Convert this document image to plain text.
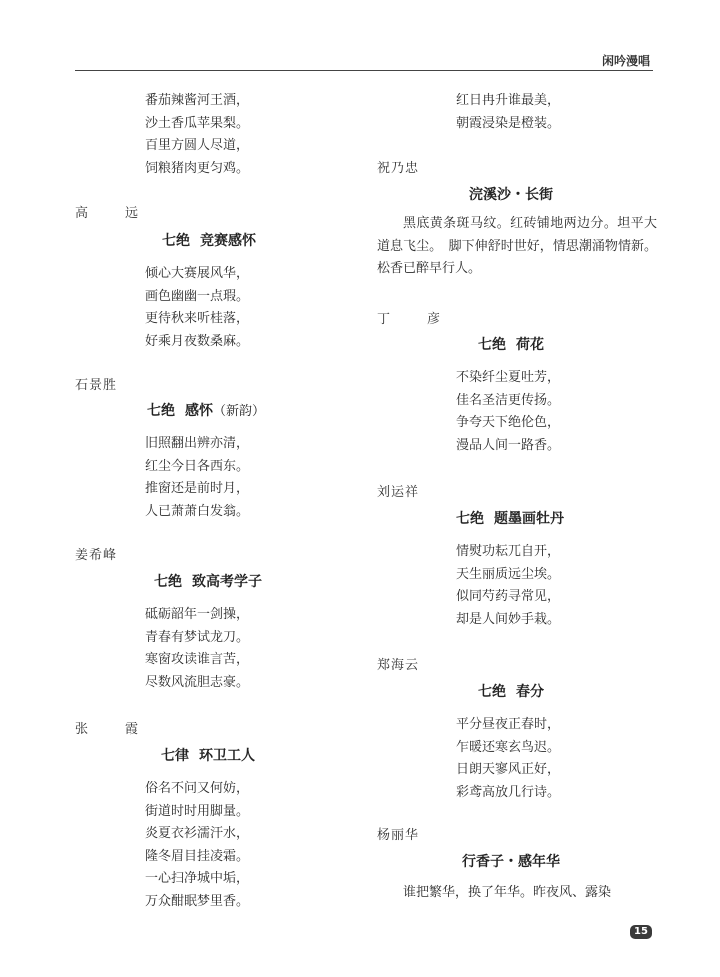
闲吟漫唱
番茄辣酱河王酒，
沙土香瓜苹果梨。
百里方圆人尽道，
饲粮猪肉更匀鸡。
高　远
七绝 竞赛感怀
倾心大赛展风华，
画色幽幽一点瑕。
更待秋来听桂落，
好乘月夜数桑麻。
石景胜
七绝 感怀（新韵）
旧照翻出辨亦清，
红尘今日各西东。
推窗还是前时月，
人已萧萧白发翁。
姜希峰
七绝 致高考学子
砥砺韶年一剑操，
青春有梦试龙刀。
寒窗攻读谁言苦，
尽数风流胆志豪。
张　霞
七律 环卫工人
俗名不问又何妨，
街道时时用脚量。
炎夏衣衫濡汗水，
隆冬眉目挂凌霜。
一心扫净城中垢，
万众酣眠梦里香。
红日冉升谁最美，
朝霞浸染是橙装。
祝乃忠
浣溪沙・长街

黑底黄条斑马纹。红砖铺地两边分。坦平大道息飞尘。　脚下伸舒时世好，情思潮涌物情新。松香已醉早行人。

丁　彦
七绝 荷花
不染纤尘夏吐芳，
佳名圣洁更传扬。
争夸天下绝伦色，
漫品人间一路香。
刘运祥
七绝 题墨画牡丹
情熨功耘兀自开，
天生丽质远尘埃。
似同芍药寻常见，
却是人间妙手栽。
郑海云
七绝 春分
平分昼夜正春时，
乍暖还寒玄鸟迟。
日朗天寥风正好，
彩鸢高放几行诗。
杨丽华
行香子・感年华

谁把繁华，换了年华。昨夜风、露染

15
